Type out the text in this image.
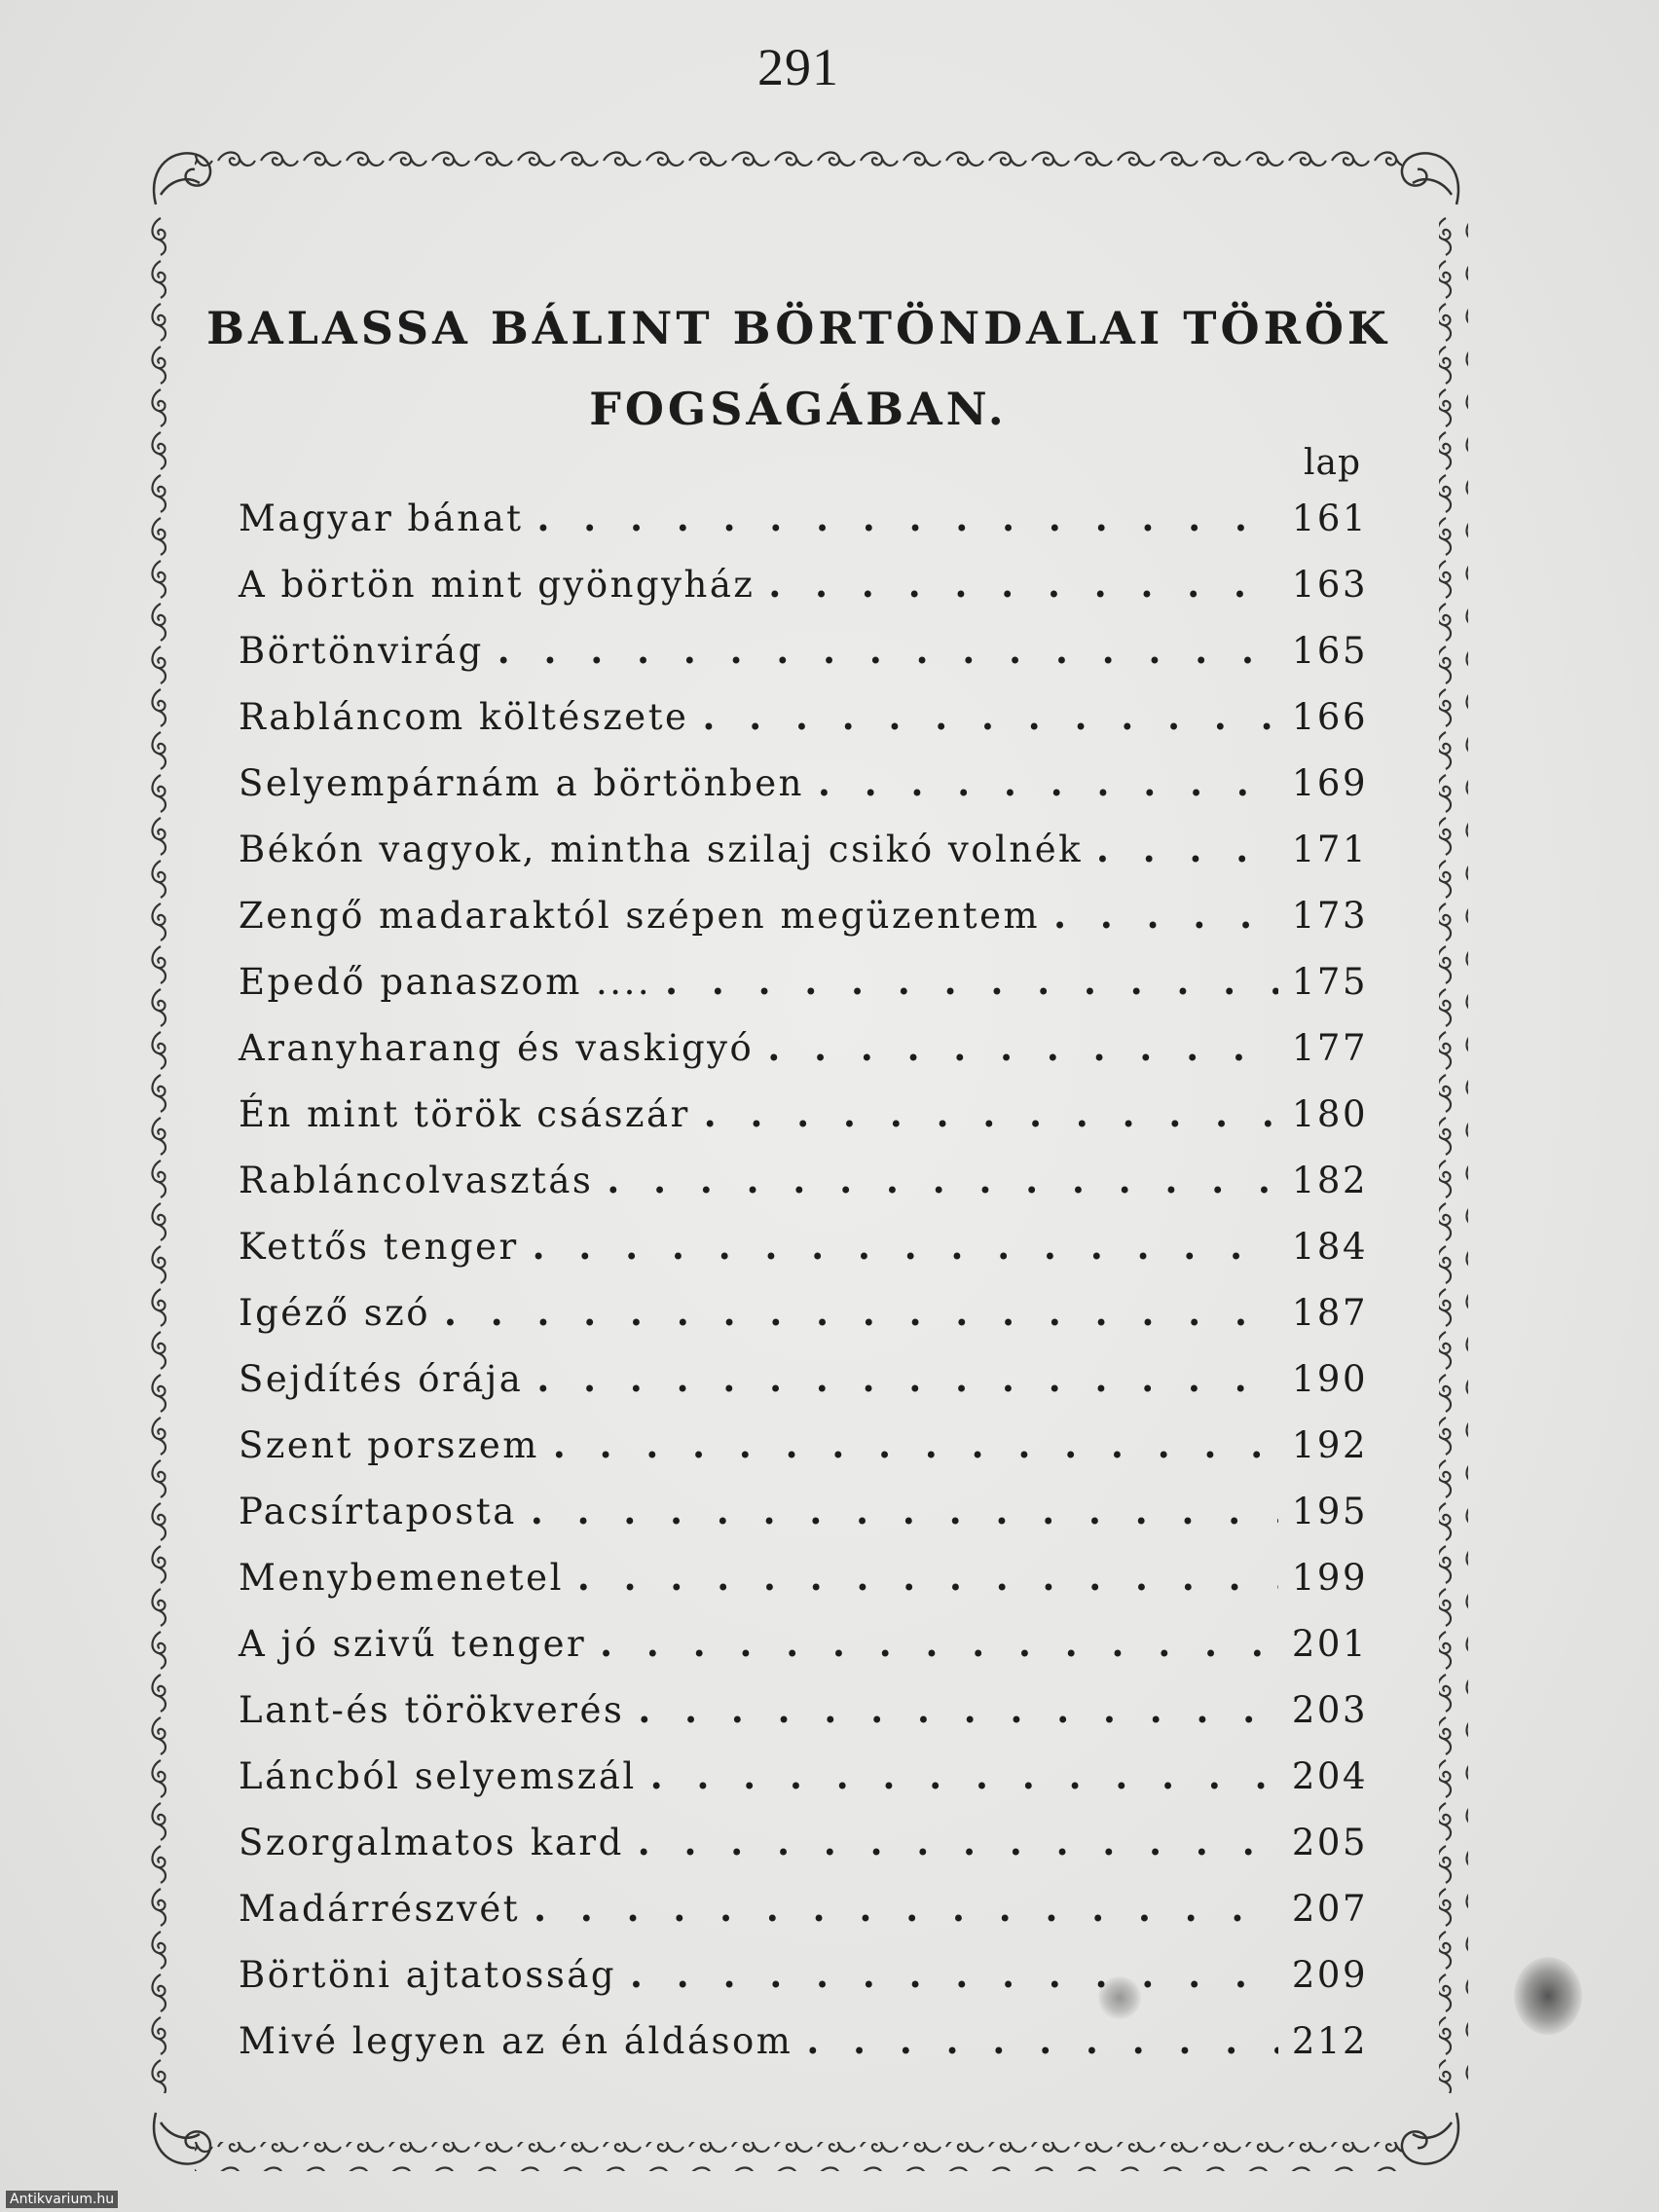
291
BALASSA BÁLINT BÖRTÖNDALAI TÖRÖK
FOGSÁGÁBAN.
lap
Magyar bánat . . .	161
A börtön mint gyöngyház . . .	163
Börtönvirág . . .	165
Rabláncom költészete . . .	166
Selyempárnám a börtönben . . .	169
Békón vagyok, mintha szilaj csikó volnék . . .	171
Zengő madaraktól szépen megüzentem . . .	173
Epedő panaszom .... . . .	175
Aranyharang és vaskigyó . . .	177
Én mint török császár . . .	180
Rabláncolvasztás . . .	182
Kettős tenger . . .	184
Igéző szó . . .	187
Sejdítés órája . . .	190
Szent porszem . . .	192
Pacsírtaposta . . .	195
Menybemenetel . . .	199
A jó szivű tenger . . .	201
Lant-és törökverés . . .	203
Láncból selyemszál . . .	204
Szorgalmatos kard . . .	205
Madárrészvét . . .	207
Börtöni ajtatosság . . .	209
Mivé legyen az én áldásom . . .	212
Antikvarium.hu
